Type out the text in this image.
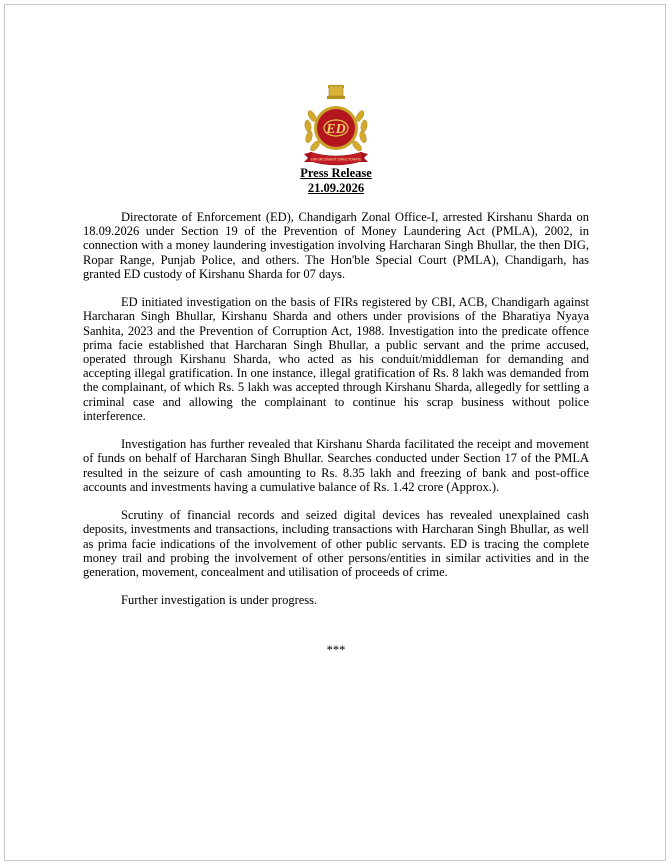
ED
ENFORCEMENT DIRECTORATE
Press Release
21.09.2026

Directorate of Enforcement (ED), Chandigarh Zonal Office-I, arrested Kirshanu Sharda on 18.09.2026 under Section 19 of the Prevention of Money Laundering Act (PMLA), 2002, in connection with a money laundering investigation involving Harcharan Singh Bhullar, the then DIG, Ropar Range, Punjab Police, and others. The Hon'ble Special Court (PMLA), Chandigarh, has granted ED custody of Kirshanu Sharda for 07 days.

ED initiated investigation on the basis of FIRs registered by CBI, ACB, Chandigarh against Harcharan Singh Bhullar, Kirshanu Sharda and others under provisions of the Bharatiya Nyaya Sanhita, 2023 and the Prevention of Corruption Act, 1988. Investigation into the predicate offence prima facie established that Harcharan Singh Bhullar, a public servant and the prime accused, operated through Kirshanu Sharda, who acted as his conduit/middleman for demanding and accepting illegal gratification. In one instance, illegal gratification of Rs. 8 lakh was demanded from the complainant, of which Rs. 5 lakh was accepted through Kirshanu Sharda, allegedly for settling a criminal case and allowing the complainant to continue his scrap business without police interference.

Investigation has further revealed that Kirshanu Sharda facilitated the receipt and movement of funds on behalf of Harcharan Singh Bhullar. Searches conducted under Section 17 of the PMLA resulted in the seizure of cash amounting to Rs. 8.35 lakh and freezing of bank and post-office accounts and investments having a cumulative balance of Rs. 1.42 crore (Approx.).

Scrutiny of financial records and seized digital devices has revealed unexplained cash deposits, investments and transactions, including transactions with Harcharan Singh Bhullar, as well as prima facie indications of the involvement of other public servants. ED is tracing the complete money trail and probing the involvement of other persons/entities in similar activities and in the generation, movement, concealment and utilisation of proceeds of crime.

Further investigation is under progress.

***
